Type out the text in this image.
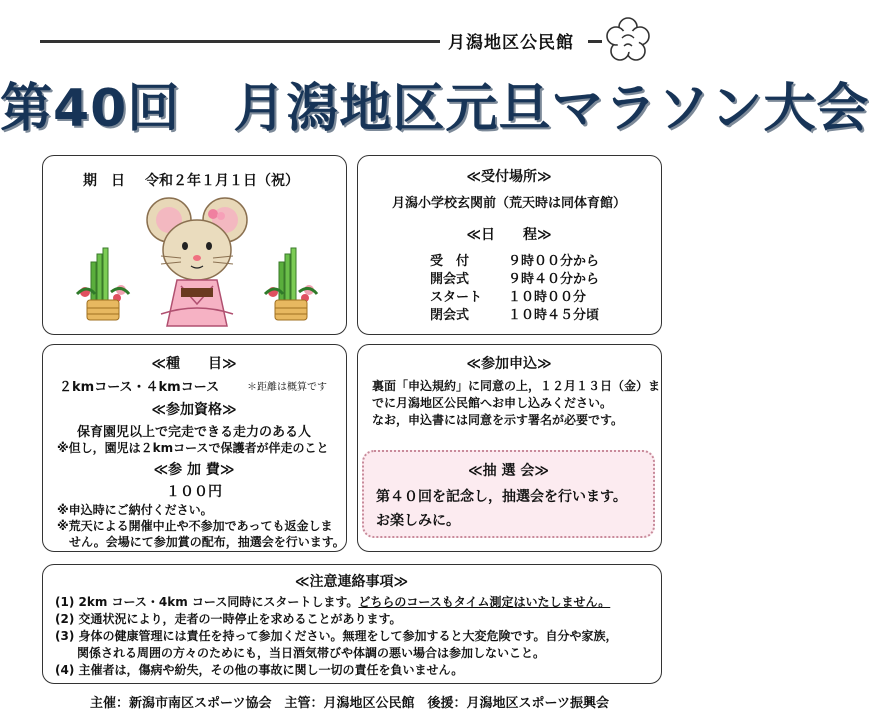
月潟地区公民館
第40回　月潟地区元旦マラソン大会
期　日 令和２年１月１日（祝）	≪受付場所≫
月潟小学校玄関前（荒天時は同体育館）
≪日　　程≫
受　付	９時００分から
開会式	９時４０分から
スタート １０時００分
閉会式	１０時４５分頃
≪種　　目≫
２kmコース・４kmコース	＊距離は概算です
≪参加資格≫
保育園児以上で完走できる走力のある人
※但し，園児は２kmコースで保護者が伴走のこと
≪参 加 費≫
１００円
※申込時にご納付ください。
※荒天による開催中止や不参加であっても返金しま
　せん。会場にて参加賞の配布，抽選会を行います。
≪参加申込≫
裏面「申込規約」に同意の上，１２月１３日（金）ま
でに月潟地区公民館へお申し込みください。
なお，申込書には同意を示す署名が必要です。
≪抽 選 会≫
第４０回を記念し，抽選会を行います。
お楽しみに。
≪注意連絡事項≫
(1) 2km コース・4km コース同時にスタートします。どちらのコースもタイム測定はいたしません。
(2) 交通状況により，走者の一時停止を求めることがあります。
(3) 身体の健康管理には責任を持って参加ください。無理をして参加すると大変危険です。自分や家族，
関係される周囲の方々のためにも，当日酒気帯びや体調の悪い場合は参加しないこと。
(4) 主催者は，傷病や紛失，その他の事故に関し一切の責任を負いません。
主催：新潟市南区スポーツ協会　主管：月潟地区公民館　後援：月潟地区スポーツ振興会
